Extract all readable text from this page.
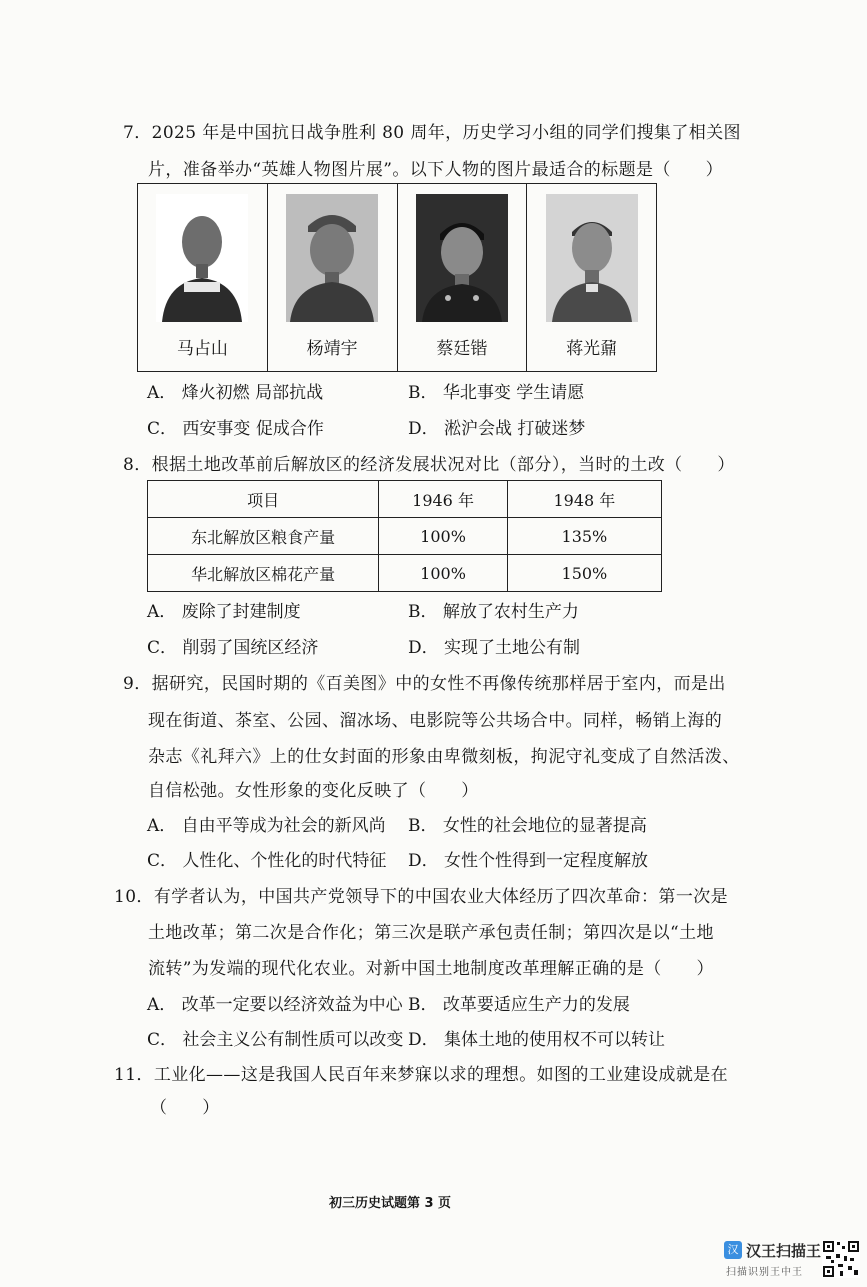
7．2025 年是中国抗日战争胜利 80 周年，历史学习小组的同学们搜集了相关图
片，准备举办“英雄人物图片展”。以下人物的图片最适合的标题是（　　）
马占山	杨靖宇	蔡廷锴	蒋光鼐
A． 烽火初燃 局部抗战	B． 华北事变 学生请愿
C． 西安事变 促成合作	D． 淞沪会战 打破迷梦
8．根据土地改革前后解放区的经济发展状况对比（部分），当时的土改（　　）
项目	1946 年	1948 年
东北解放区粮食产量	100%	135%
华北解放区棉花产量	100%	150%
A． 废除了封建制度	B． 解放了农村生产力
C． 削弱了国统区经济	D． 实现了土地公有制
9．据研究，民国时期的《百美图》中的女性不再像传统那样居于室内，而是出
现在街道、茶室、公园、溜冰场、电影院等公共场合中。同样，畅销上海的
杂志《礼拜六》上的仕女封面的形象由卑微刻板，拘泥守礼变成了自然活泼、
自信松弛。女性形象的变化反映了（　　）
A． 自由平等成为社会的新风尚 B． 女性的社会地位的显著提高
C． 人性化、个性化的时代特征 D． 女性个性得到一定程度解放
10．有学者认为，中国共产党领导下的中国农业大体经历了四次革命：第一次是
土地改革；第二次是合作化；第三次是联产承包责任制；第四次是以“土地
流转”为发端的现代化农业。对新中国土地制度改革理解正确的是（　　）
A． 改革一定要以经济效益为中心 B． 改革要适应生产力的发展
C． 社会主义公有制性质可以改变 D． 集体土地的使用权不可以转让
11．工业化——这是我国人民百年来梦寐以求的理想。如图的工业建设成就是在
（　　）
初三历史试题第 3 页
汉 汉王扫描王
扫描识别王中王
